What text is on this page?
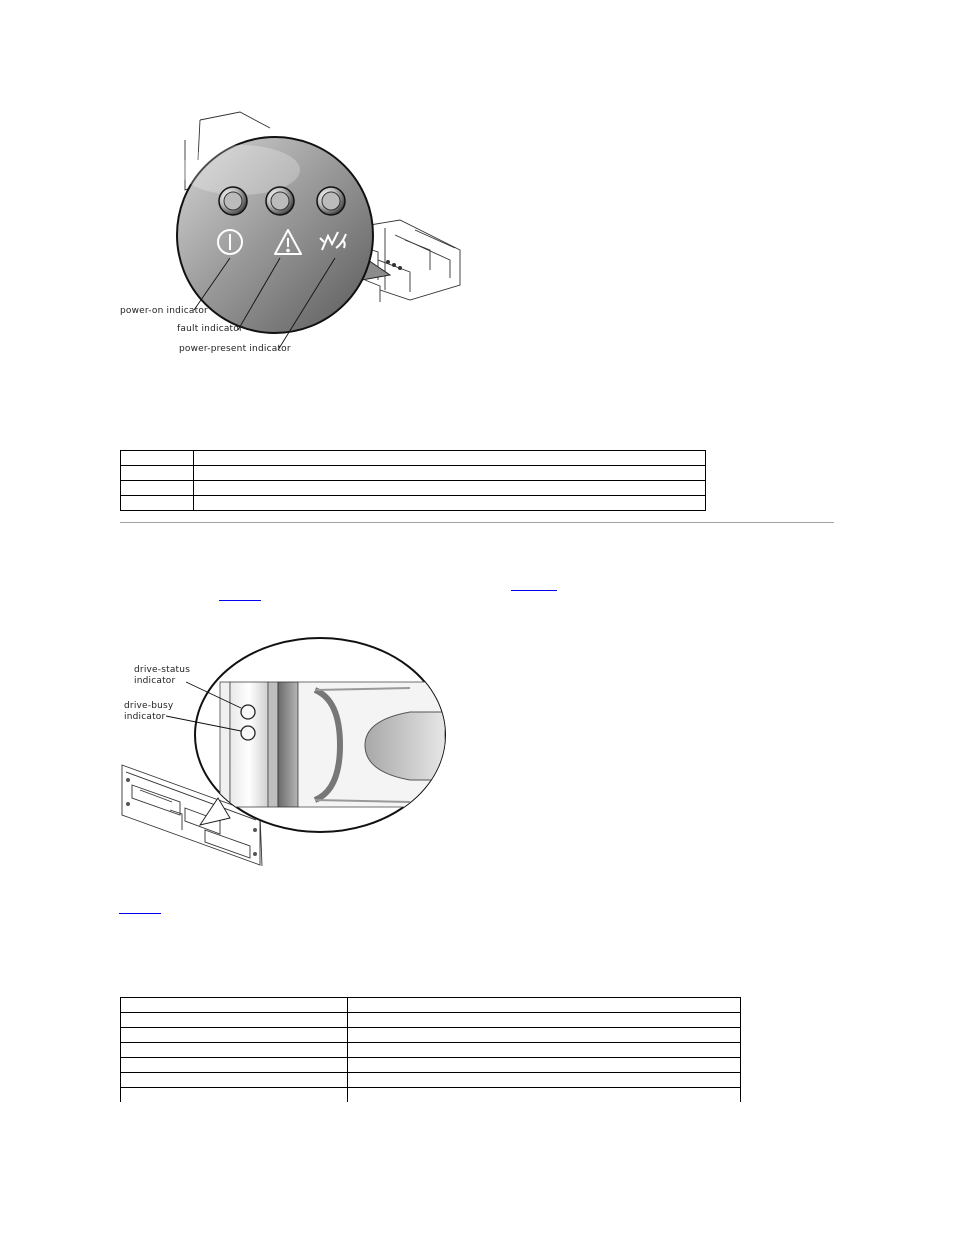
power-on indicator
fault indicator
power-present indicator

drive-status
indicator
drive-busy
indicator
